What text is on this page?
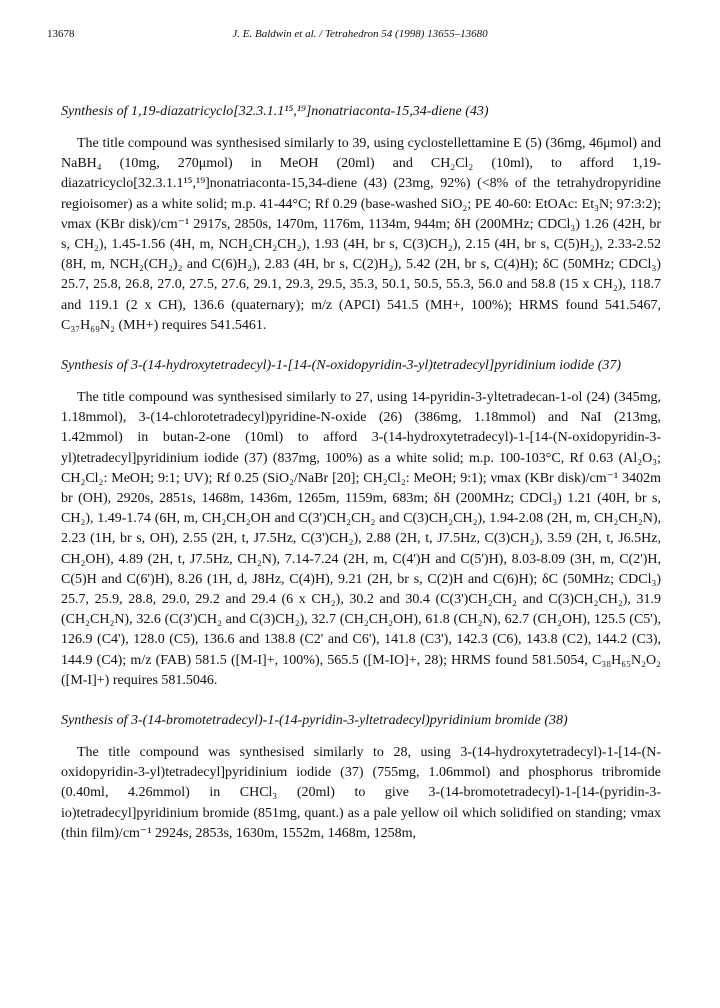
13678	J. E. Baldwin et al. / Tetrahedron 54 (1998) 13655–13680
Synthesis of 1,19-diazatricyclo[32.3.1.1¹⁵,¹⁹]nonatriaconta-15,34-diene (43)

The title compound was synthesised similarly to 39, using cyclostellettamine E (5) (36mg, 46μmol) and NaBH₄ (10mg, 270μmol) in MeOH (20ml) and CH₂Cl₂ (10ml), to afford 1,19-diazatricyclo[32.3.1.1¹⁵,¹⁹]nonatriaconta-15,34-diene (43) (23mg, 92%) (<8% of the tetrahydropyridine regioisomer) as a white solid; m.p. 41-44°C; Rf 0.29 (base-washed SiO₂; PE 40-60: EtOAc: Et₃N; 97:3:2); νmax (KBr disk)/cm⁻¹ 2917s, 2850s, 1470m, 1176m, 1134m, 944m; δH (200MHz; CDCl₃) 1.26 (42H, br s, CH₂), 1.45-1.56 (4H, m, NCH₂CH₂CH₂), 1.93 (4H, br s, C(3)CH₂), 2.15 (4H, br s, C(5)H₂), 2.33-2.52 (8H, m, NCH₂(CH₂)₂ and C(6)H₂), 2.83 (4H, br s, C(2)H₂), 5.42 (2H, br s, C(4)H); δC (50MHz; CDCl₃) 25.7, 25.8, 26.8, 27.0, 27.5, 27.6, 29.1, 29.3, 29.5, 35.3, 50.1, 50.5, 55.3, 56.0 and 58.8 (15 x CH₂), 118.7 and 119.1 (2 x CH), 136.6 (quaternary); m/z (APCI) 541.5 (MH+, 100%); HRMS found 541.5467, C₃₇H₆₉N₂ (MH+) requires 541.5461.

Synthesis of 3-(14-hydroxytetradecyl)-1-[14-(N-oxidopyridin-3-yl)tetradecyl]pyridinium iodide (37)

The title compound was synthesised similarly to 27, using 14-pyridin-3-yltetradecan-1-ol (24) (345mg, 1.18mmol), 3-(14-chlorotetradecyl)pyridine-N-oxide (26) (386mg, 1.18mmol) and NaI (213mg, 1.42mmol) in butan-2-one (10ml) to afford 3-(14-hydroxytetradecyl)-1-[14-(N-oxidopyridin-3-yl)tetradecyl]pyridinium iodide (37) (837mg, 100%) as a white solid; m.p. 100-103°C, Rf 0.63 (Al₂O₃; CH₂Cl₂: MeOH; 9:1; UV); Rf 0.25 (SiO₂/NaBr [20]; CH₂Cl₂: MeOH; 9:1); νmax (KBr disk)/cm⁻¹ 3402m br (OH), 2920s, 2851s, 1468m, 1436m, 1265m, 1159m, 683m; δH (200MHz; CDCl₃) 1.21 (40H, br s, CH₂), 1.49-1.74 (6H, m, CH₂CH₂OH and C(3')CH₂CH₂ and C(3)CH₂CH₂), 1.94-2.08 (2H, m, CH₂CH₂N), 2.23 (1H, br s, OH), 2.55 (2H, t, J7.5Hz, C(3')CH₂), 2.88 (2H, t, J7.5Hz, C(3)CH₂), 3.59 (2H, t, J6.5Hz, CH₂OH), 4.89 (2H, t, J7.5Hz, CH₂N), 7.14-7.24 (2H, m, C(4')H and C(5')H), 8.03-8.09 (3H, m, C(2')H, C(5)H and C(6')H), 8.26 (1H, d, J8Hz, C(4)H), 9.21 (2H, br s, C(2)H and C(6)H); δC (50MHz; CDCl₃) 25.7, 25.9, 28.8, 29.0, 29.2 and 29.4 (6 x CH₂), 30.2 and 30.4 (C(3')CH₂CH₂ and C(3)CH₂CH₂), 31.9 (CH₂CH₂N), 32.6 (C(3')CH₂ and C(3)CH₂), 32.7 (CH₂CH₂OH), 61.8 (CH₂N), 62.7 (CH₂OH), 125.5 (C5'), 126.9 (C4'), 128.0 (C5), 136.6 and 138.8 (C2' and C6'), 141.8 (C3'), 142.3 (C6), 143.8 (C2), 144.2 (C3), 144.9 (C4); m/z (FAB) 581.5 ([M-I]+, 100%), 565.5 ([M-IO]+, 28); HRMS found 581.5054, C₃₈H₆₅N₂O₂ ([M-I]+) requires 581.5046.

Synthesis of 3-(14-bromotetradecyl)-1-(14-pyridin-3-yltetradecyl)pyridinium bromide (38)

The title compound was synthesised similarly to 28, using 3-(14-hydroxytetradecyl)-1-[14-(N-oxidopyridin-3-yl)tetradecyl]pyridinium iodide (37) (755mg, 1.06mmol) and phosphorus tribromide (0.40ml, 4.26mmol) in CHCl₃ (20ml) to give 3-(14-bromotetradecyl)-1-[14-(pyridin-3-io)tetradecyl]pyridinium bromide (851mg, quant.) as a pale yellow oil which solidified on standing; νmax (thin film)/cm⁻¹ 2924s, 2853s, 1630m, 1552m, 1468m, 1258m,
